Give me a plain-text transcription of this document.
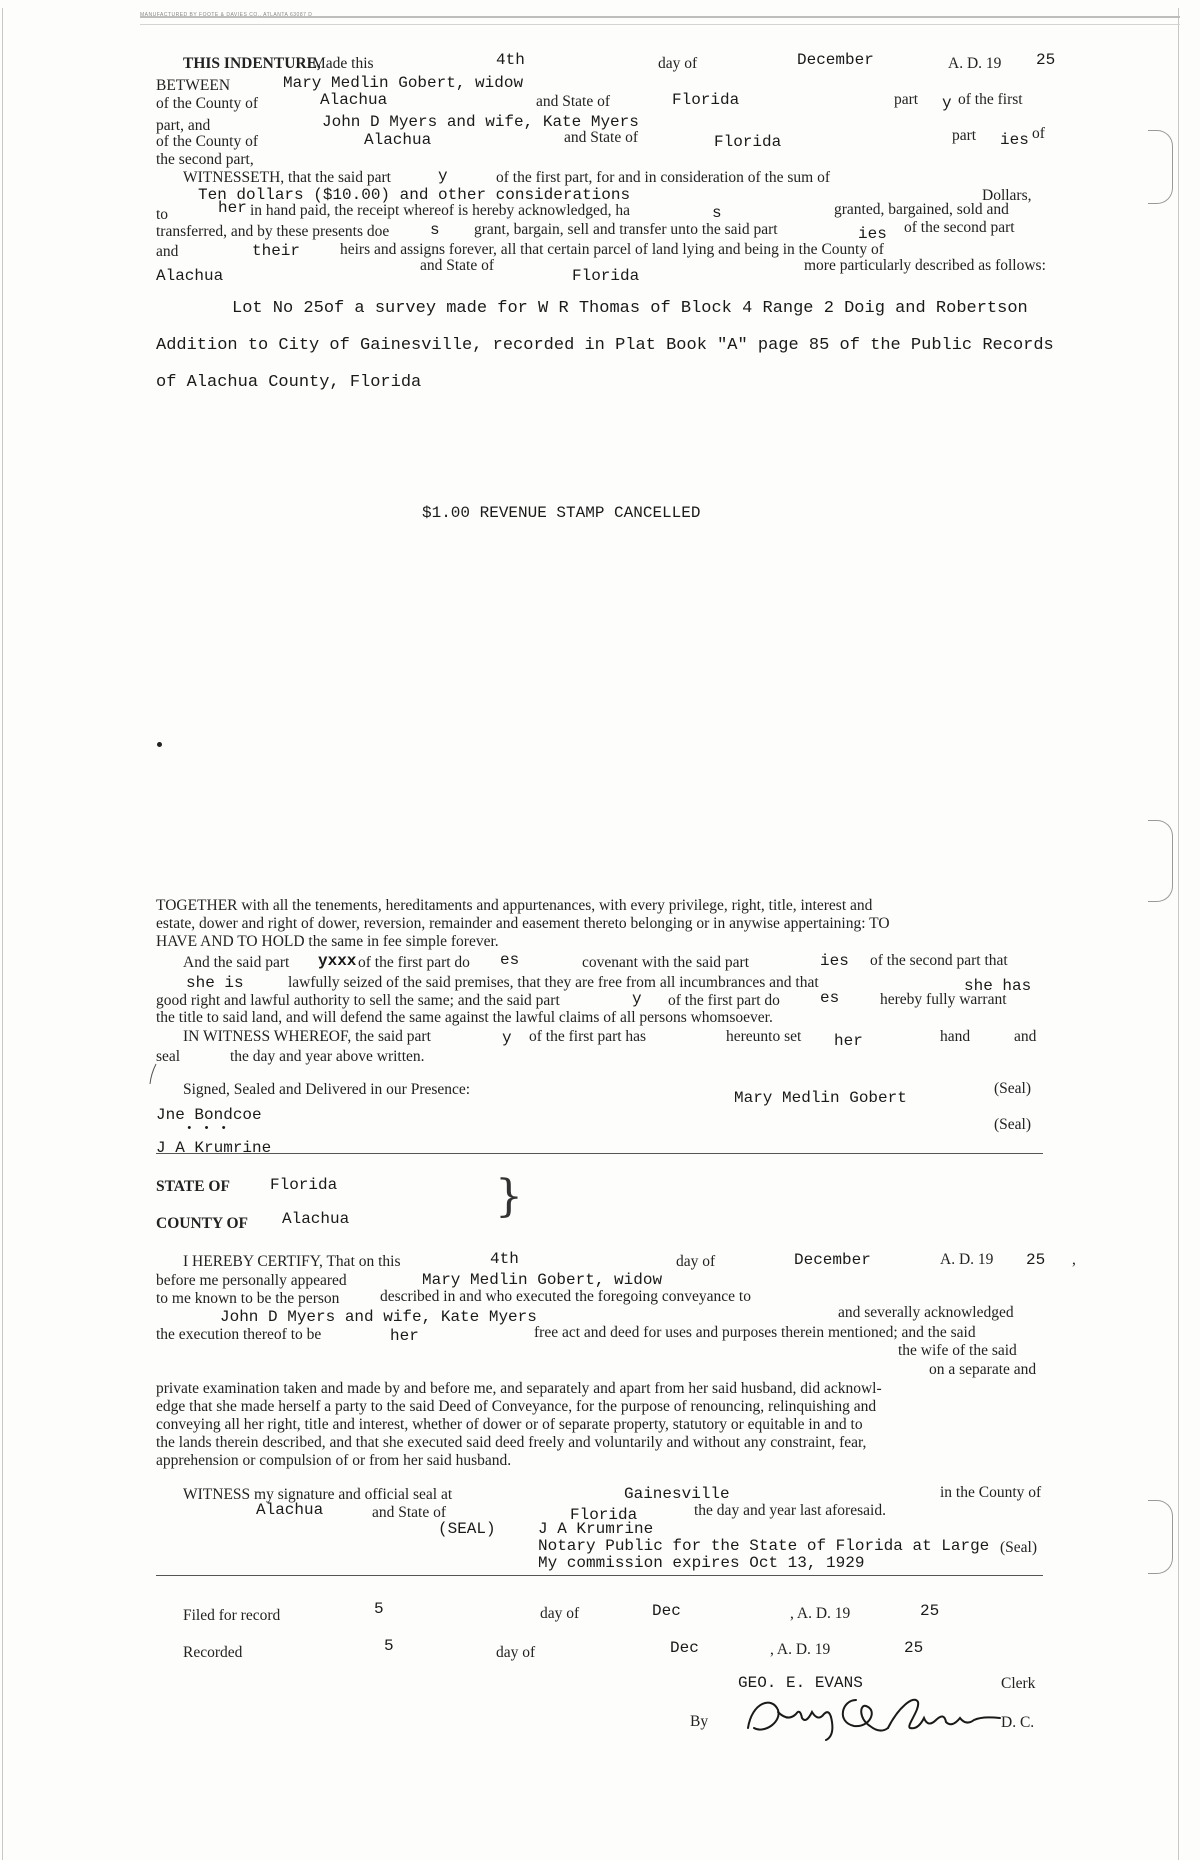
MANUFACTURED BY FOOTE & DAVIES CO., ATLANTA 63087 D
THIS INDENTURE,
Made this	4th	day of	December	A. D. 19 25
BETWEEN	Mary Medlin Gobert, widow
of the County of	Alachua	and State of	Florida	part y of the first
part, and	John D Myers and wife, Kate Myers
of the County of	Alachua	and State of	Florida	part ies of
the second part,
WITNESSETH, that the said part	y	of the first part, for and in consideration of the sum of
Ten dollars ($10.00) and other considerations	Dollars,
to	her in hand paid, the receipt whereof is hereby acknowledged, ha	s	granted, bargained, sold and
transferred, and by these presents doe	s grant, bargain, sell and transfer unto the said part	ies of the second part
and	their	heirs and assigns forever, all that certain parcel of land lying and being in the County of
Alachua
and State of
Florida
more particularly described as follows:
Lot No 25of a survey made for W R Thomas of Block 4 Range 2 Doig and Robertson
Addition to City of Gainesville, recorded in Plat Book "A" page 85 of the Public Records
of Alachua County, Florida
$1.00 REVENUE STAMP CANCELLED
TOGETHER with all the tenements, hereditaments and appurtenances, with every privilege, right, title, interest and
estate, dower and right of dower, reversion, remainder and easement thereto belonging or in anywise appertaining: TO
HAVE AND TO HOLD the same in fee simple forever.
And the said part yxxx of the first part do es	covenant with the said part	ies of the second part that
she is	lawfully seized of the said premises, that they are free from all incumbrances and that	she has
good right and lawful authority to sell the same; and the said part	y of the first part do	es	hereby fully warrant
the title to said land, and will defend the same against the lawful claims of all persons whomsoever.
IN WITNESS WHEREOF, the said part	y of the first part has	hereunto set her	hand	and
seal	the day and year above written.
Signed, Sealed and Delivered in our Presence:
Jne Bondcoe
• • •
J A Krumrine
Mary Medlin Gobert
(Seal)
(Seal)
STATE OF	Florida	}
COUNTY OF Alachua
I HEREBY CERTIFY, That on this	4th	day of	December	A. D. 19 25 ,
before me personally appeared	Mary Medlin Gobert, widow
to me known to be the person	described in and who executed the foregoing conveyance to
John D Myers and wife, Kate Myers	and severally acknowledged
the execution thereof to be	her	free act and deed for uses and purposes therein mentioned; and the said
the wife of the said
on a separate and
private examination taken and made by and before me, and separately and apart from her said husband, did acknowl-
edge that she made herself a party to the said Deed of Conveyance, for the purpose of renouncing, relinquishing and
conveying all her right, title and interest, whether of dower or of separate property, statutory or equitable in and to
the lands therein described, and that she executed said deed freely and voluntarily and without any constraint, fear,
apprehension or compulsion of or from her said husband.
WITNESS my signature and official seal at	Gainesville	in the County of
Alachua	and State of	Florida	the day and year last aforesaid.
(SEAL)	J A Krumrine
Notary Public for the State of Florida at Large (Seal)
My commission expires Oct 13, 1929
Filed for record	5	day of	Dec	, A. D. 19	25
Recorded	5	day of	Dec	, A. D. 19	25
GEO. E. EVANS	Clerk
By	D. C.
